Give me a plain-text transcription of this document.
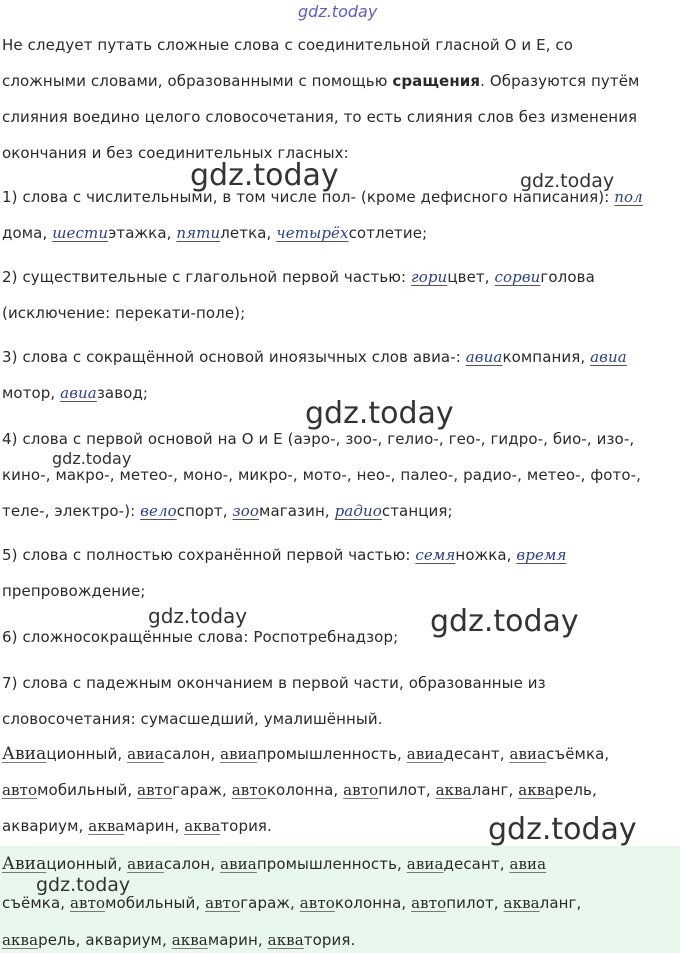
gdz.today
gdz.today	gdz.today
gdz.today
gdz.today
gdz.today	gdz.today
gdz.today
gdz.today
Не следует путать сложные слова с соединительной гласной О и Е, со
сложными словами, образованными с помощью сращения. Образуются путём
слияния воедино целого словосочетания, то есть слияния слов без изменения
окончания и без соединительных гласных:
1) слова с числительными, в том числе пол- (кроме дефисного написания): пол
дома, шестиэтажка, пятилетка, четырёхсотлетие;
2) существительные с глагольной первой частью: горицвет, сорвиголова
(исключение: перекати-поле);
3) слова с сокращённой основой иноязычных слов авиа-: авиакомпания, авиа
мотор, авиазавод;
4) слова с первой основой на О и Е (аэро-, зоо-, гелио-, гео-, гидро-, био-, изо-,
кино-, макро-, метео-, моно-, микро-, мото-, нео-, палео-, радио-, метео-, фото-,
теле-, электро-): велоспорт, зоомагазин, радиостанция;
5) слова с полностью сохранённой первой частью: семяножка, время
препровождение;
6) сложносокращённые слова: Роспотребнадзор;
7) слова с падежным окончанием в первой части, образованные из
словосочетания: сумасшедший, умалишённый.
Авиационный, авиасалон, авиапромышленность, авиадесант, авиасъёмка,
автомобильный, автогараж, автоколонна, автопилот, акваланг, акварель,
аквариум, аквамарин, акватория.
Авиационный, авиасалон, авиапромышленность, авиадесант, авиа
съёмка, автомобильный, автогараж, автоколонна, автопилот, акваланг,
акварель, аквариум, аквамарин, акватория.
